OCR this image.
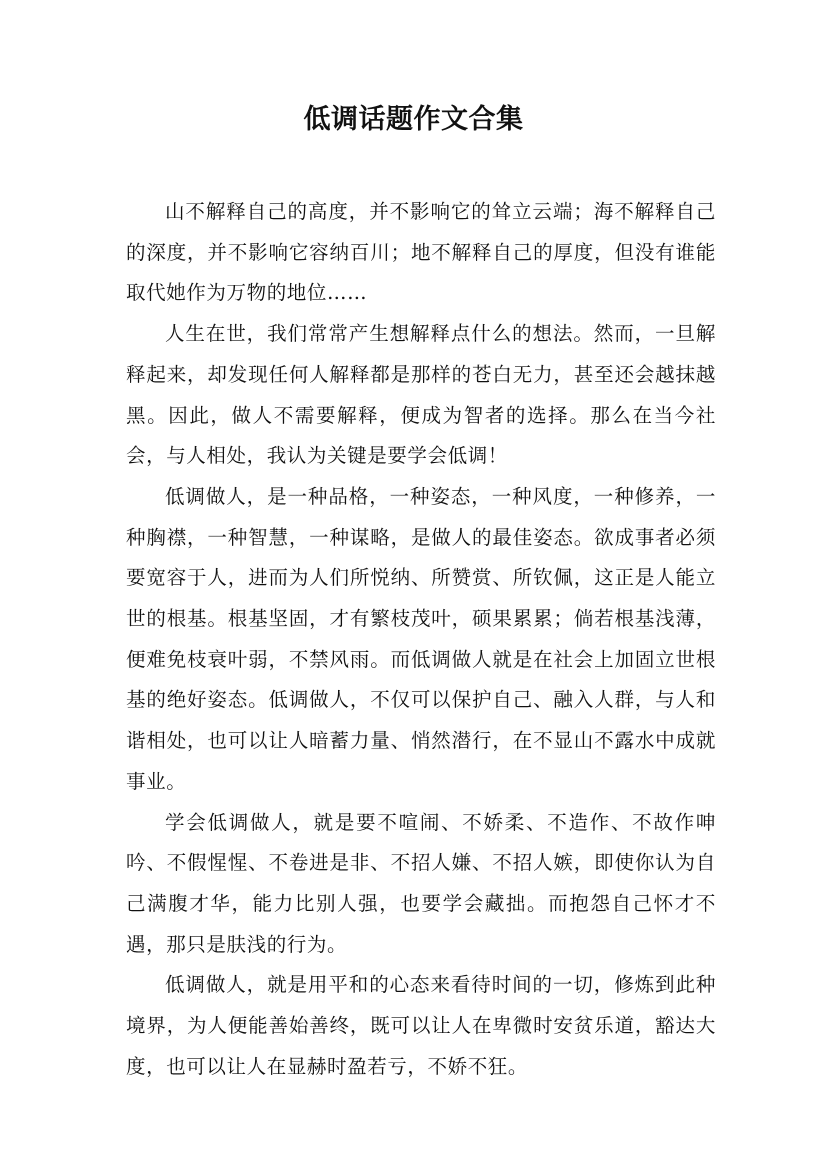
低调话题作文合集

山不解释自己的高度，并不影响它的耸立云端；海不解释自己的深度，并不影响它容纳百川；地不解释自己的厚度，但没有谁能取代她作为万物的地位……

人生在世，我们常常产生想解释点什么的想法。然而，一旦解释起来，却发现任何人解释都是那样的苍白无力，甚至还会越抹越黑。因此，做人不需要解释，便成为智者的选择。那么在当今社会，与人相处，我认为关键是要学会低调！

低调做人，是一种品格，一种姿态，一种风度，一种修养，一种胸襟，一种智慧，一种谋略，是做人的最佳姿态。欲成事者必须要宽容于人，进而为人们所悦纳、所赞赏、所钦佩，这正是人能立世的根基。根基坚固，才有繁枝茂叶，硕果累累；倘若根基浅薄，便难免枝衰叶弱，不禁风雨。而低调做人就是在社会上加固立世根基的绝好姿态。低调做人，不仅可以保护自己、融入人群，与人和谐相处，也可以让人暗蓄力量、悄然潜行，在不显山不露水中成就事业。

学会低调做人，就是要不喧闹、不娇柔、不造作、不故作呻吟、不假惺惺、不卷进是非、不招人嫌、不招人嫉，即使你认为自己满腹才华，能力比别人强，也要学会藏拙。而抱怨自己怀才不遇，那只是肤浅的行为。

低调做人，就是用平和的心态来看待时间的一切，修炼到此种境界，为人便能善始善终，既可以让人在卑微时安贫乐道，豁达大度，也可以让人在显赫时盈若亏，不娇不狂。
